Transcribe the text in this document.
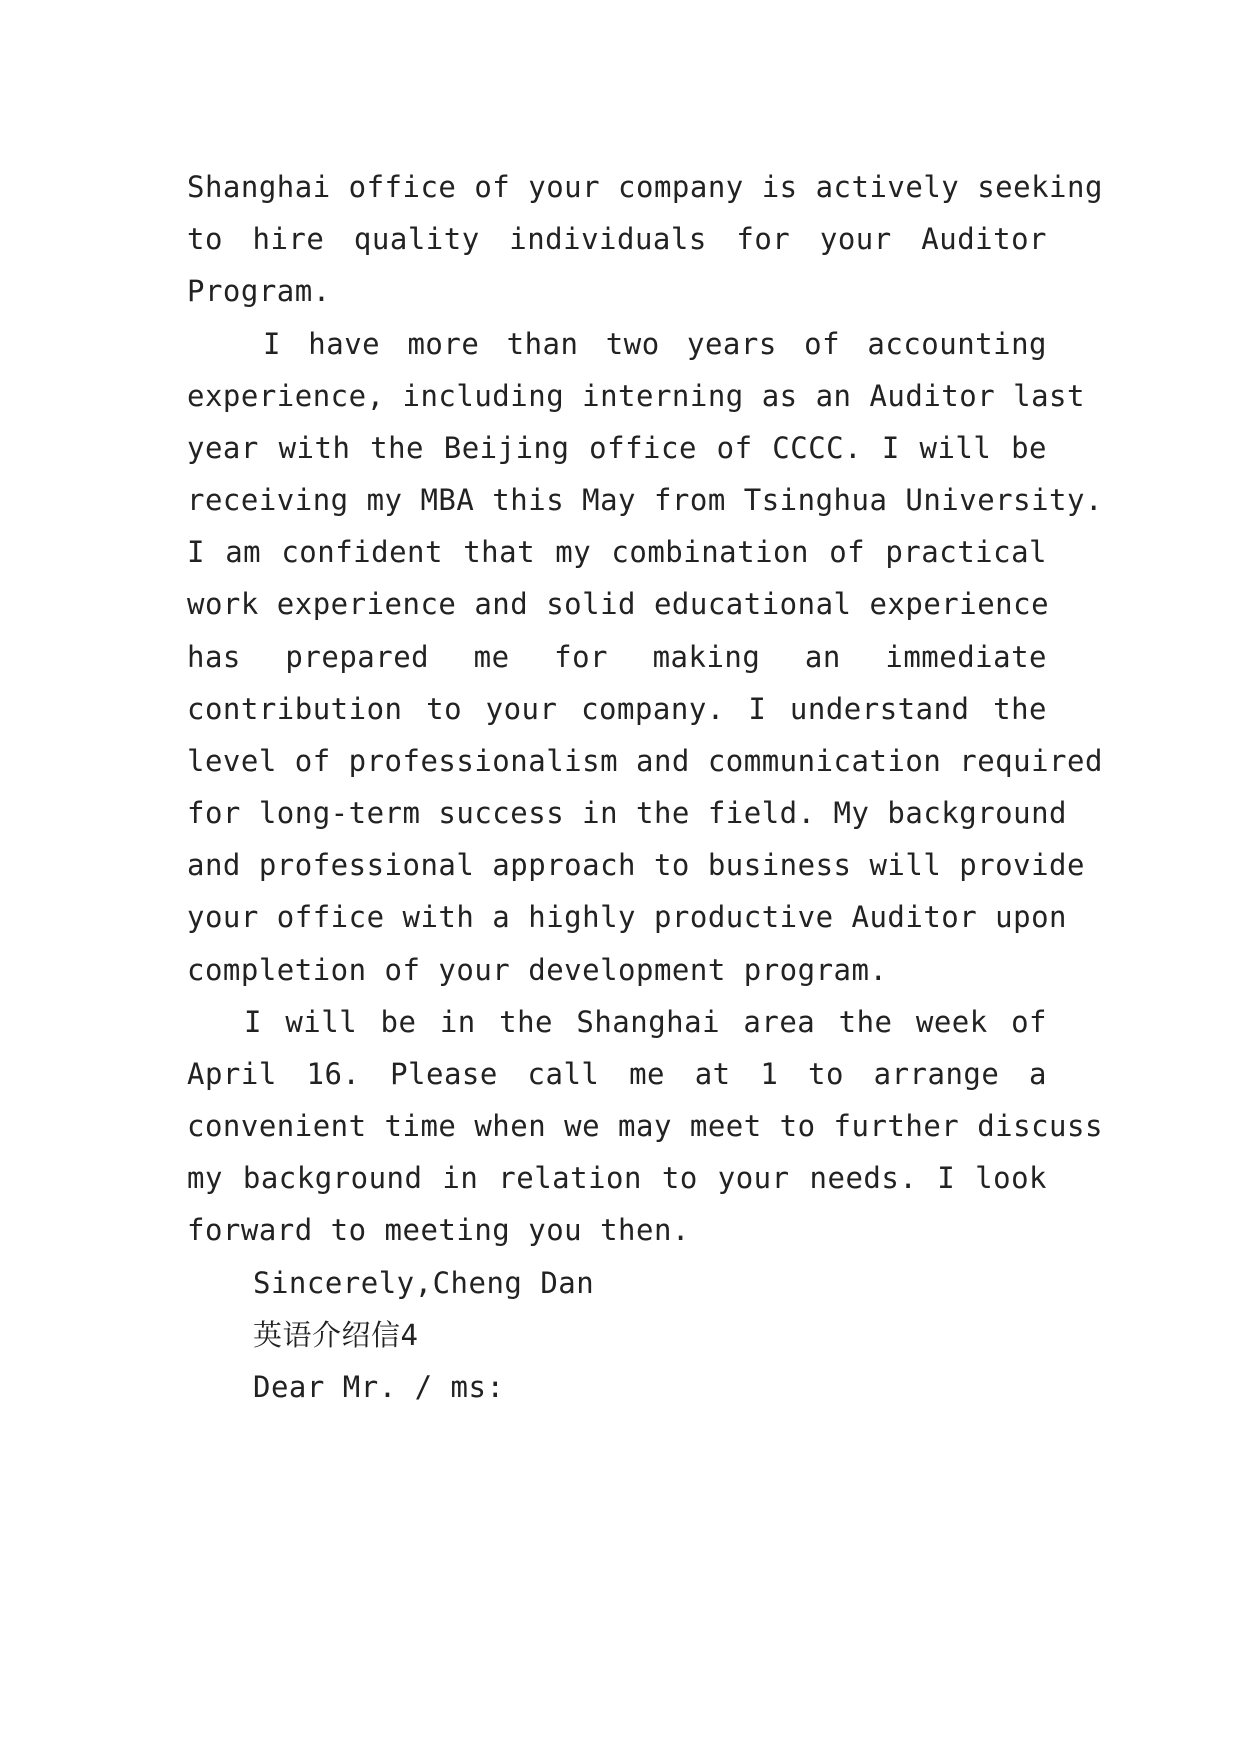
Shanghai office of your company is actively seeking
to hire quality individuals for your Auditor
Program.
I have more than two years of accounting
experience, including interning as an Auditor last
year with the Beijing office of CCCC. I will be
receiving my MBA this May from Tsinghua University.
I am confident that my combination of practical
work experience and solid educational experience
has prepared me for making an immediate
contribution to your company. I understand the
level of professionalism and communication required
for long-term success in the field. My background
and professional approach to business will provide
your office with a highly productive Auditor upon
completion of your development program.
I will be in the Shanghai area the week of
April 16. Please call me at 1 to arrange a
convenient time when we may meet to further discuss
my background in relation to your needs. I look
forward to meeting you then.
Sincerely,Cheng Dan
英语介绍信4
Dear Mr. / ms:
